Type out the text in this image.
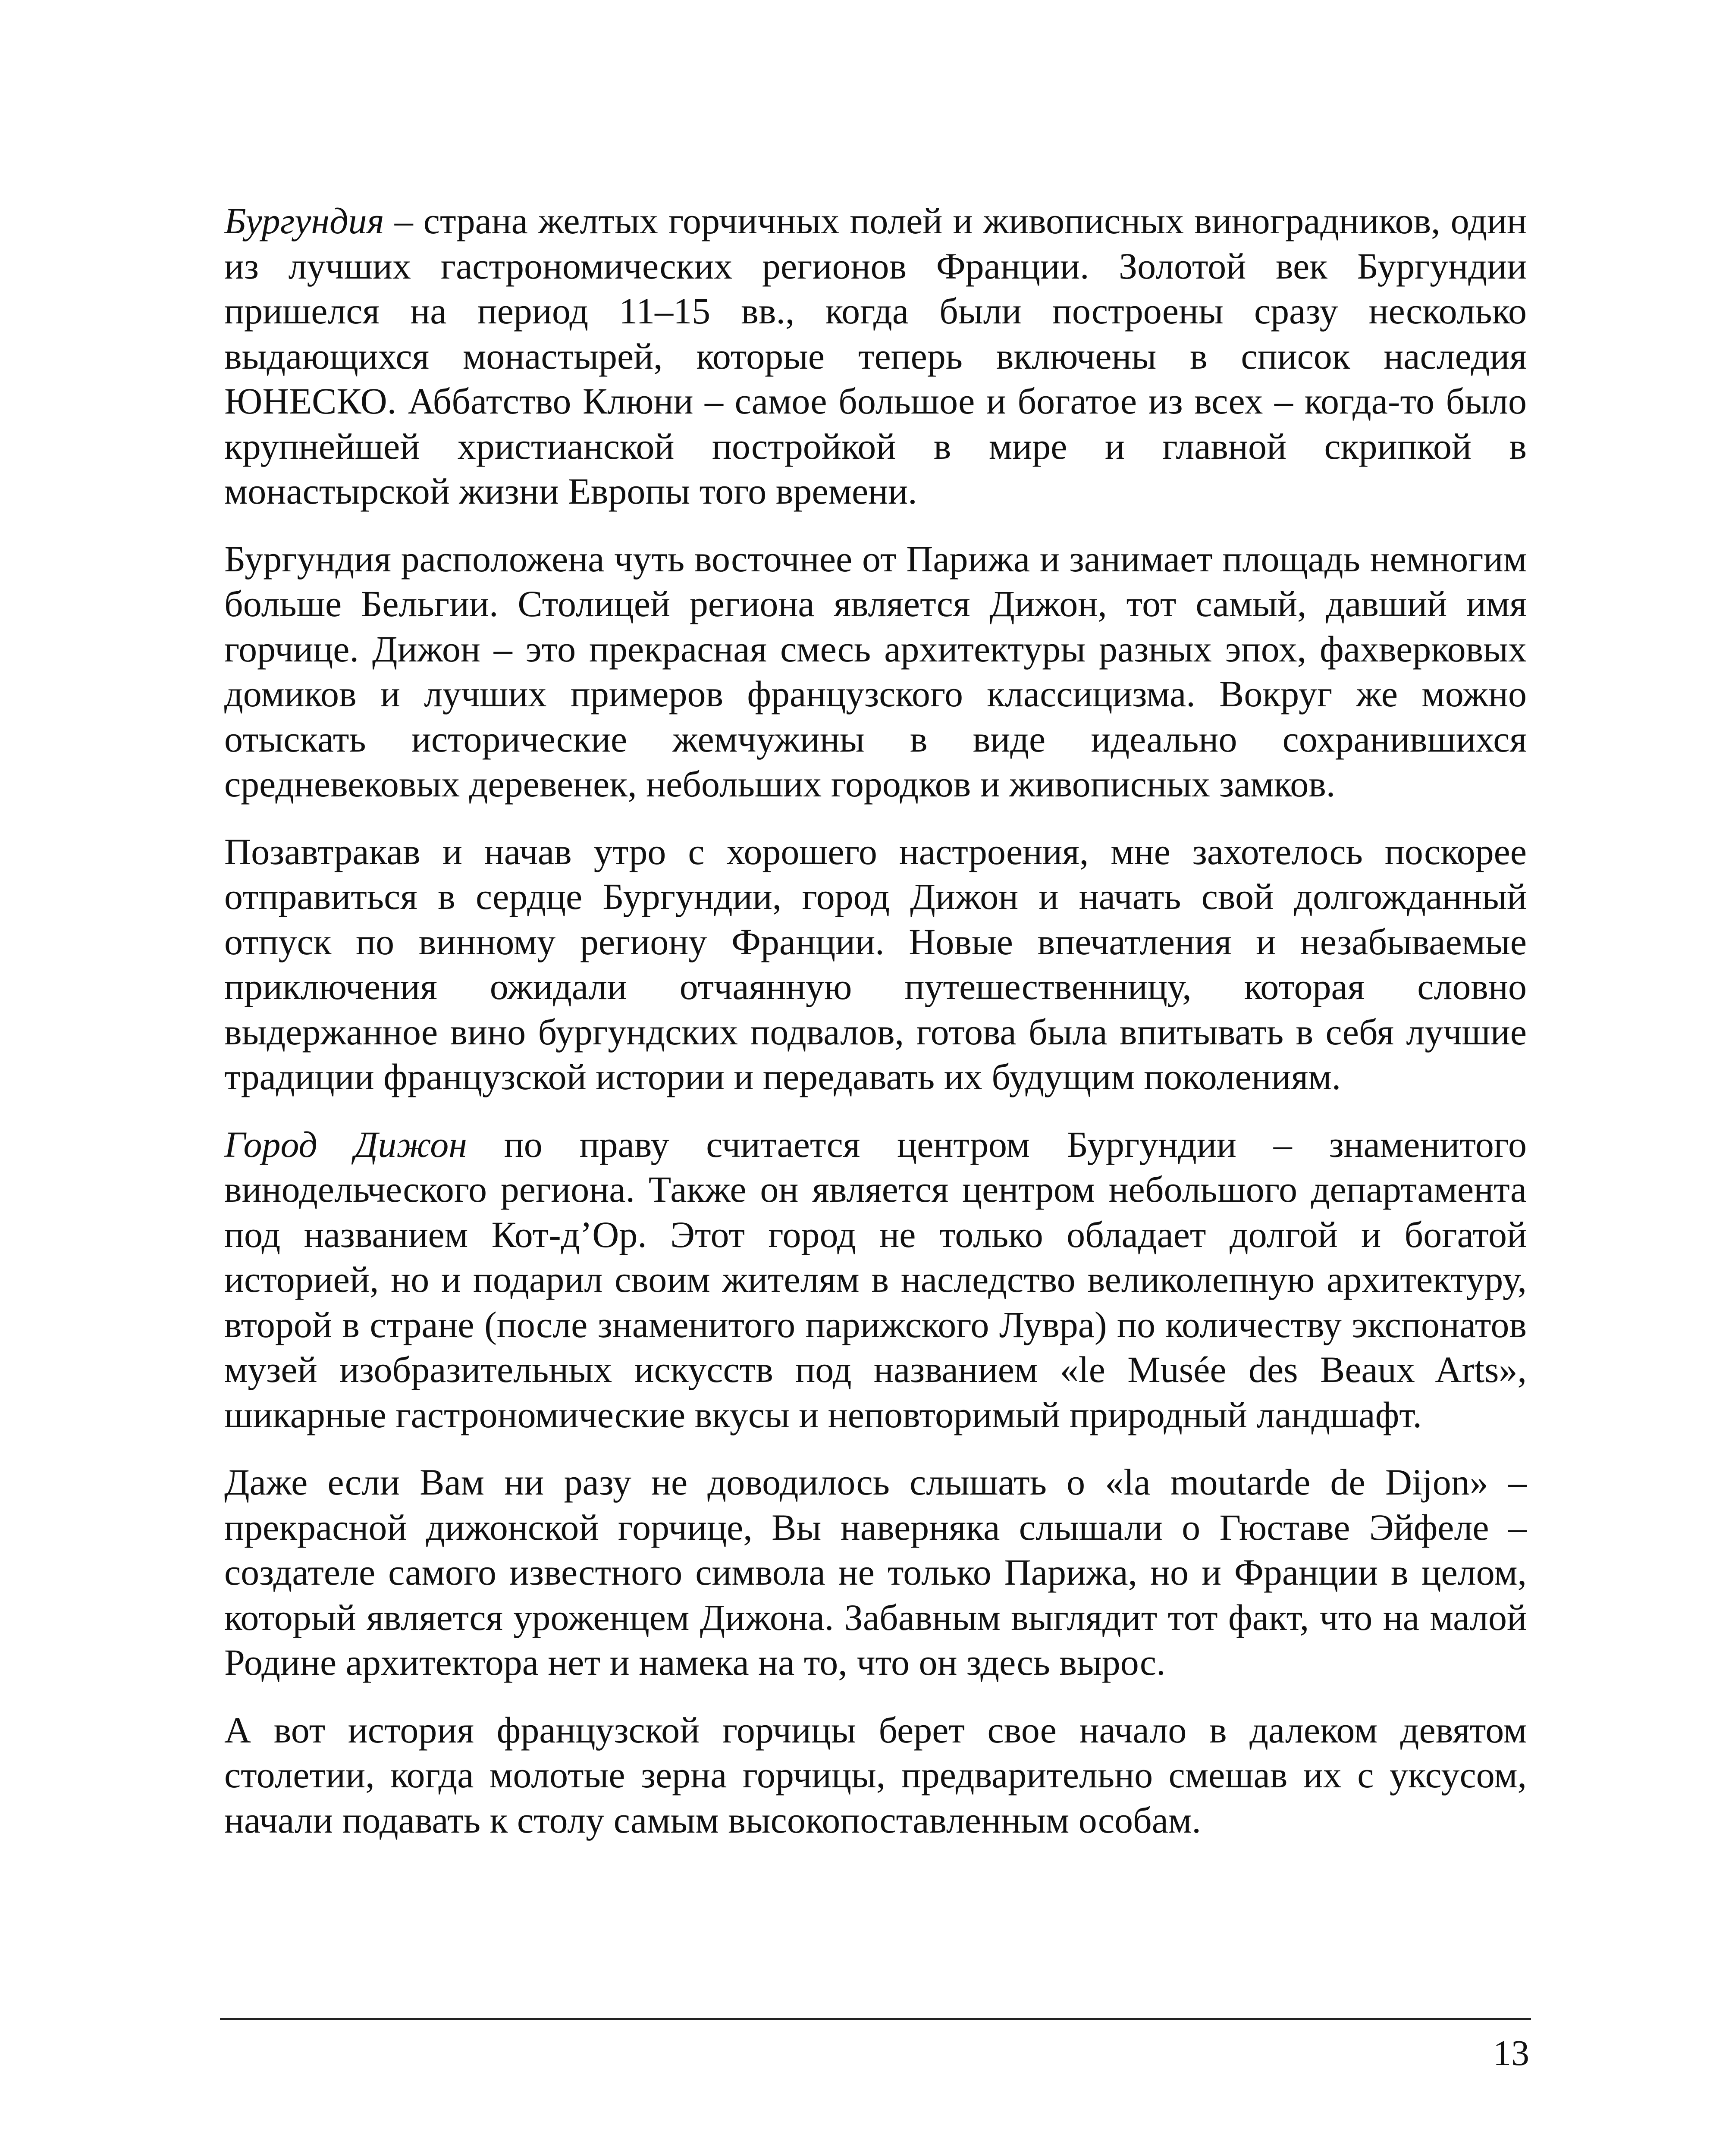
Бургундия – страна желтых горчичных полей и живописных виноградников, один из лучших гастрономических регионов Франции. Золотой век Бургундии пришелся на период 11–15 вв., когда были построены сразу несколько выдающихся монастырей, которые теперь включены в список наследия ЮНЕСКО. Аббатство Клюни – самое большое и богатое из всех – когда-то было крупнейшей христианской постройкой в мире и главной скрипкой в монастырской жизни Европы того времени.

Бургундия расположена чуть восточнее от Парижа и занимает площадь немногим больше Бельгии. Столицей региона является Дижон, тот самый, давший имя горчице. Дижон – это прекрасная смесь архитектуры разных эпох, фахверковых домиков и лучших примеров французского классицизма. Вокруг же можно отыскать исторические жемчужины в виде идеально сохранившихся средневековых деревенек, небольших городков и живописных замков.

Позавтракав и начав утро с хорошего настроения, мне захотелось поскорее отправиться в сердце Бургундии, город Дижон и начать свой долгожданный отпуск по винному региону Франции. Новые впечатления и незабываемые приключения ожидали отчаянную путешественницу, которая словно выдержанное вино бургундских подвалов, готова была впитывать в себя лучшие традиции французской истории и передавать их будущим поколениям.

Город Дижон по праву считается центром Бургундии – знаменитого винодельческого региона. Также он является центром небольшого департамента под названием Кот-д’Ор. Этот город не только обладает долгой и богатой историей, но и подарил своим жителям в наследство великолепную архитектуру, второй в стране (после знаменитого парижского Лувра) по количеству экспонатов музей изобразительных искусств под названием «le Musée des Beaux Arts», шикарные гастрономические вкусы и неповторимый природный ландшафт.

Даже если Вам ни разу не доводилось слышать о «la moutarde de Dijon» – прекрасной дижонской горчице, Вы наверняка слышали о Гюставе Эйфеле – создателе самого известного символа не только Парижа, но и Франции в целом, который является уроженцем Дижона. Забавным выглядит тот факт, что на малой Родине архитектора нет и намека на то, что он здесь вырос.

А вот история французской горчицы берет свое начало в далеком девятом столетии, когда молотые зерна горчицы, предварительно смешав их с уксусом, начали подавать к столу самым высокопоставленным особам.

13
